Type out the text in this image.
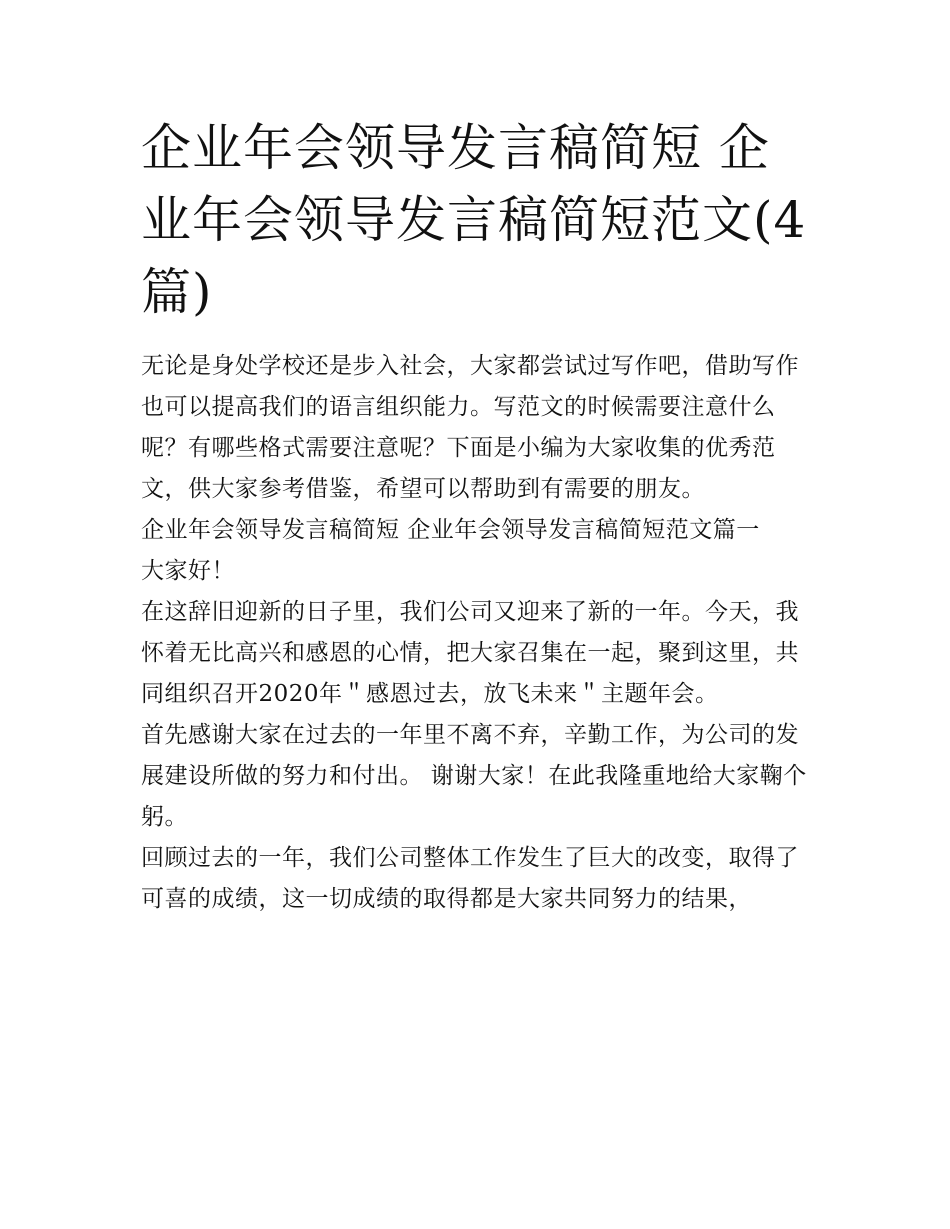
企业年会领导发言稿简短 企业年会领导发言稿简短范文(4篇)

无论是身处学校还是步入社会，大家都尝试过写作吧，借助写作也可以提高我们的语言组织能力。写范文的时候需要注意什么呢？有哪些格式需要注意呢？下面是小编为大家收集的优秀范文，供大家参考借鉴，希望可以帮助到有需要的朋友。

企业年会领导发言稿简短 企业年会领导发言稿简短范文篇一

大家好！

在这辞旧迎新的日子里，我们公司又迎来了新的一年。今天，我怀着无比高兴和感恩的心情，把大家召集在一起，聚到这里，共同组织召开2020年＂感恩过去，放飞未来＂主题年会。

首先感谢大家在过去的一年里不离不弃，辛勤工作，为公司的发展建设所做的努力和付出。 谢谢大家！在此我隆重地给大家鞠个躬。

回顾过去的一年，我们公司整体工作发生了巨大的改变，取得了可喜的成绩，这一切成绩的取得都是大家共同努力的结果，
